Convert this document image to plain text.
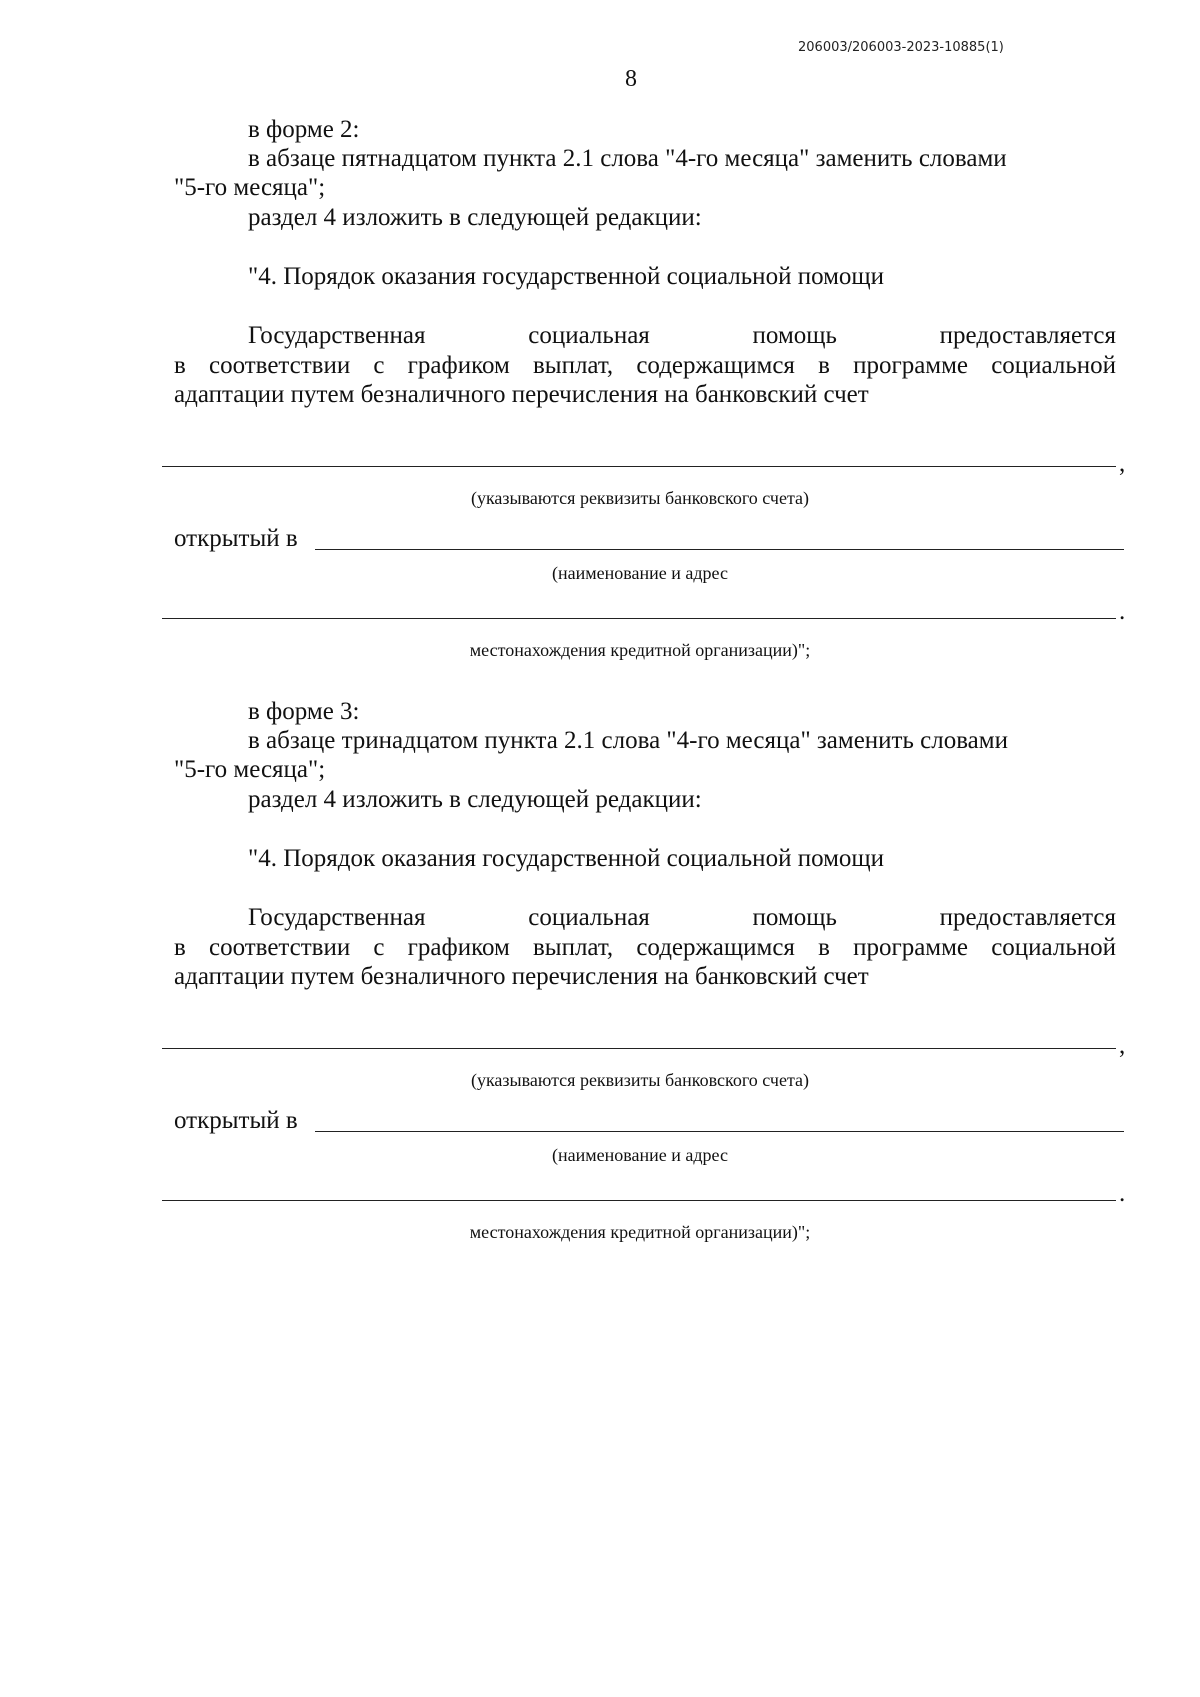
206003/206003-2023-10885(1)
8
в форме 2:
в абзаце пятнадцатом пункта 2.1 слова "4-го месяца" заменить словами
"5-го месяца";
раздел 4 изложить в следующей редакции:
"4. Порядок оказания государственной социальной помощи
Государственная	социальная	помощь	предоставляется
в соответствии с графиком выплат, содержащимся в программе социальной
адаптации путем безналичного перечисления на банковский счет
,
(указываются реквизиты банковского счета)
открытый в
(наименование и адрес
.
местонахождения кредитной организации)";
в форме 3:
в абзаце тринадцатом пункта 2.1 слова "4-го месяца" заменить словами
"5-го месяца";
раздел 4 изложить в следующей редакции:
"4. Порядок оказания государственной социальной помощи
Государственная	социальная	помощь	предоставляется
в соответствии с графиком выплат, содержащимся в программе социальной
адаптации путем безналичного перечисления на банковский счет
,
(указываются реквизиты банковского счета)
открытый в
(наименование и адрес
.
местонахождения кредитной организации)";
